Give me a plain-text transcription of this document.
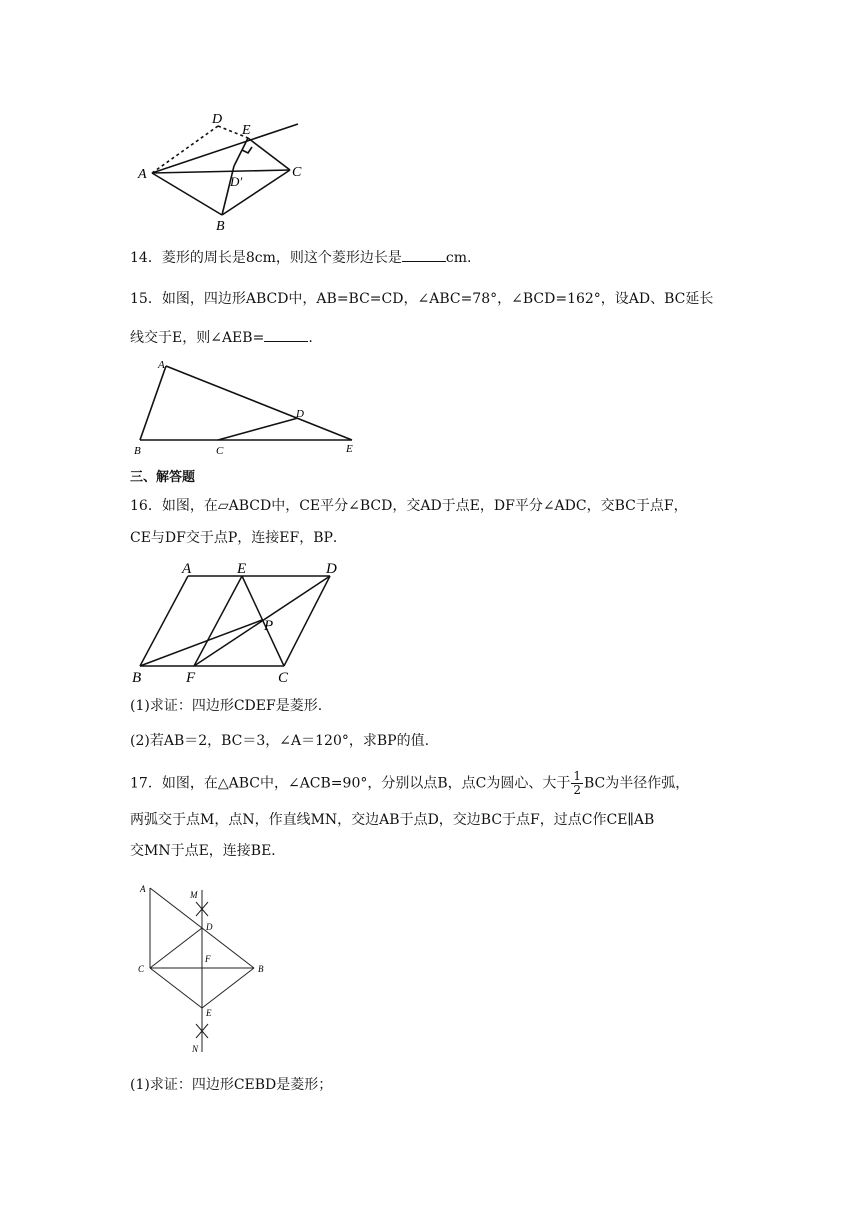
D
E
A	C
D′
B
14．菱形的周长是8cm，则这个菱形边长是	cm.
15．如图，四边形ABCD中，AB=BC=CD，∠ABC=78°，∠BCD=162°，设AD、BC延长
线交于E，则∠AEB=	.
A
D
B	C	E
三、解答题
16．如图，在▱ABCD中，CE平分∠BCD，交AD于点E，DF平分∠ADC，交BC于点F，
CE与DF交于点P，连接EF，BP．
A	E	D
P
B	F	C
(1)求证：四边形CDEF是菱形.
(2)若AB＝2，BC＝3，∠A＝120°，求BP的值.
17．如图，在△ABC中，∠ACB=90°，分别以点B，点C为圆心、大于 $\frac{1}{2}$ BC为半径作弧，
两弧交于点M，点N，作直线MN，交边AB于点D，交边BC于点F，过点C作CE∥AB
交MN于点E，连接BE．
A
M
D
C
F
B
E
N
(1)求证：四边形CEBD是菱形；
